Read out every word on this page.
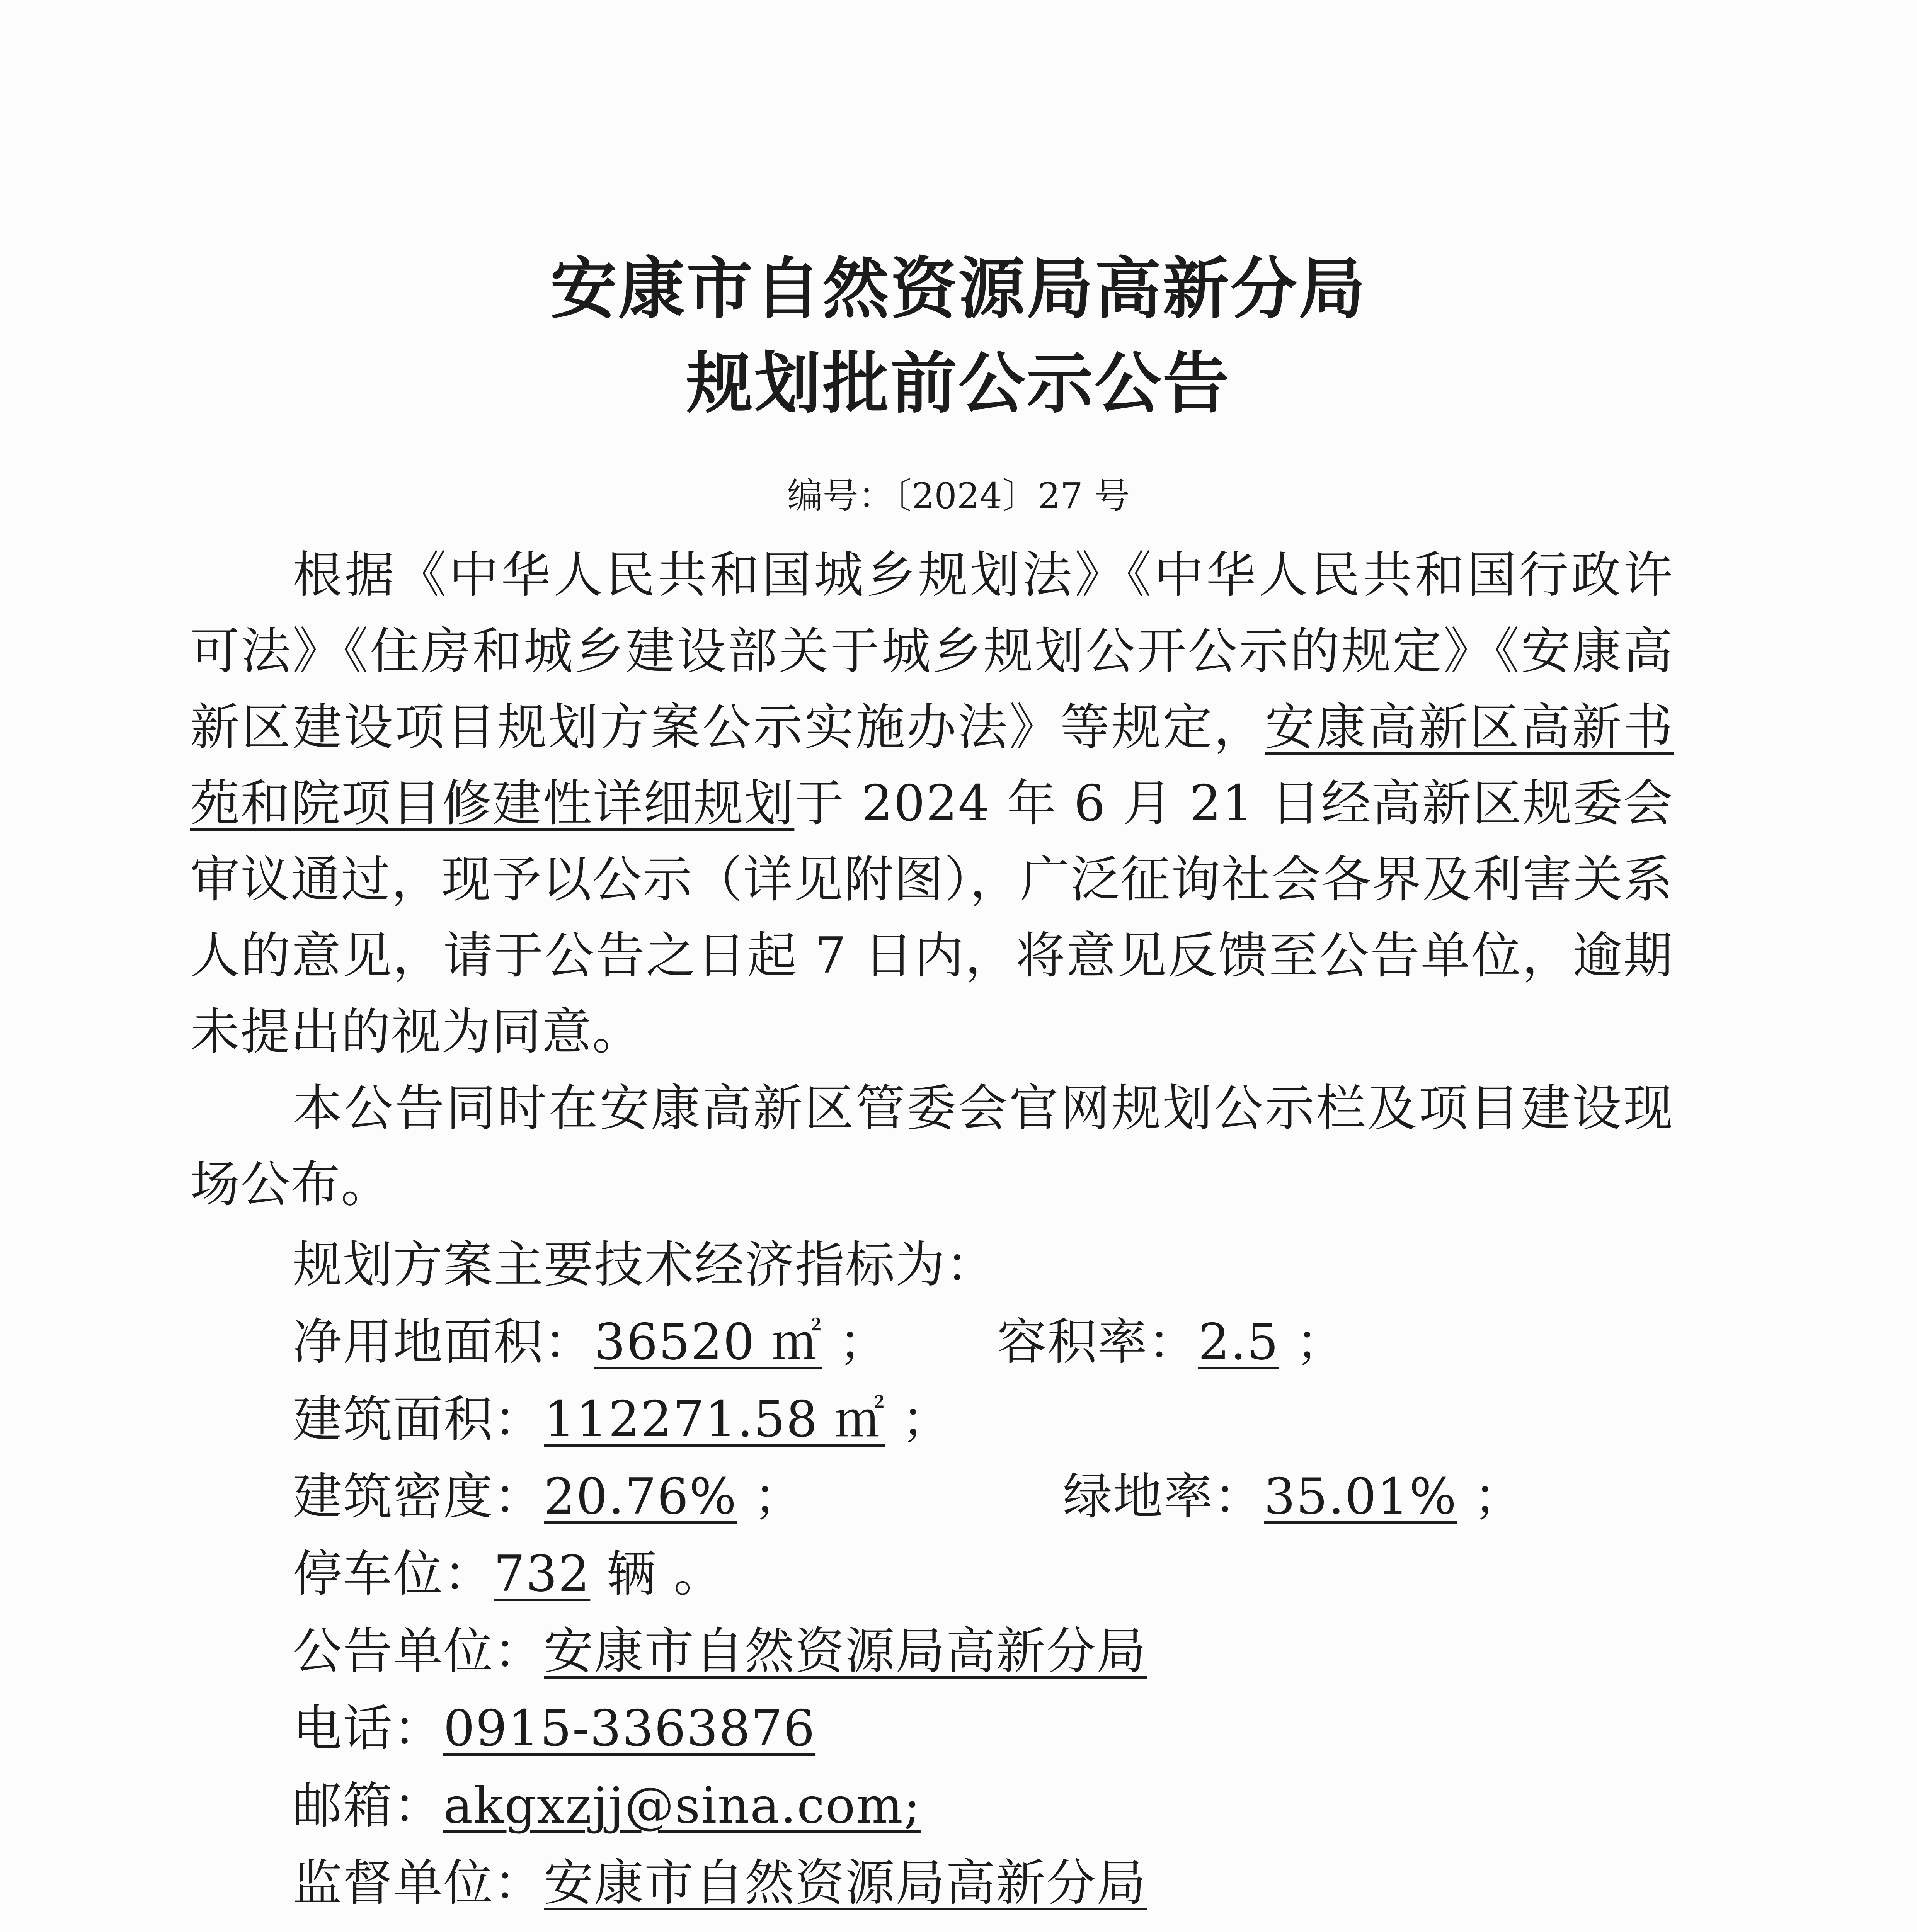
安康市自然资源局高新分局
规划批前公示公告
编号：〔2024〕27 号

根据《中华人民共和国城乡规划法》《中华人民共和国行政许可法》《住房和城乡建设部关于城乡规划公开公示的规定》《安康高新区建设项目规划方案公示实施办法》等规定，安康高新区高新书苑和院项目修建性详细规划于 2024 年 6 月 21 日经高新区规委会审议通过，现予以公示（详见附图），广泛征询社会各界及利害关系人的意见，请于公告之日起 7 日内，将意见反馈至公告单位，逾期未提出的视为同意。

本公告同时在安康高新区管委会官网规划公示栏及项目建设现场公布。

规划方案主要技术经济指标为：
净用地面积：36520 ㎡ ； 容积率：2.5 ；
建筑面积：112271.58 ㎡ ；
建筑密度：20.76% ；	绿地率：35.01% ；
停车位：732 辆 。
公告单位：安康市自然资源局高新分局
电话：0915-3363876
邮箱：akgxzjj@sina.com;
监督单位：安康市自然资源局高新分局
